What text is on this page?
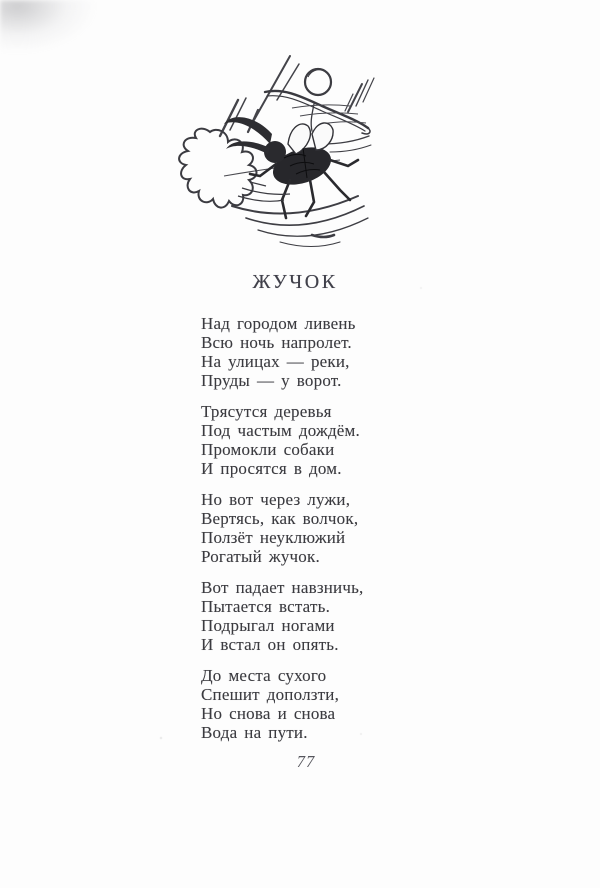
ЖУЧОК
Над городом ливень
Всю ночь напролет.
На улицах — реки,
Пруды — у ворот.
Трясутся деревья
Под частым дождём.
Промокли собаки
И просятся в дом.
Но вот через лужи,
Вертясь, как волчок,
Ползёт неуклюжий
Рогатый жучок.
Вот падает навзничь,
Пытается встать.
Подрыгал ногами
И встал он опять.
До места сухого
Спешит доползти,
Но снова и снова
Вода на пути.
77
